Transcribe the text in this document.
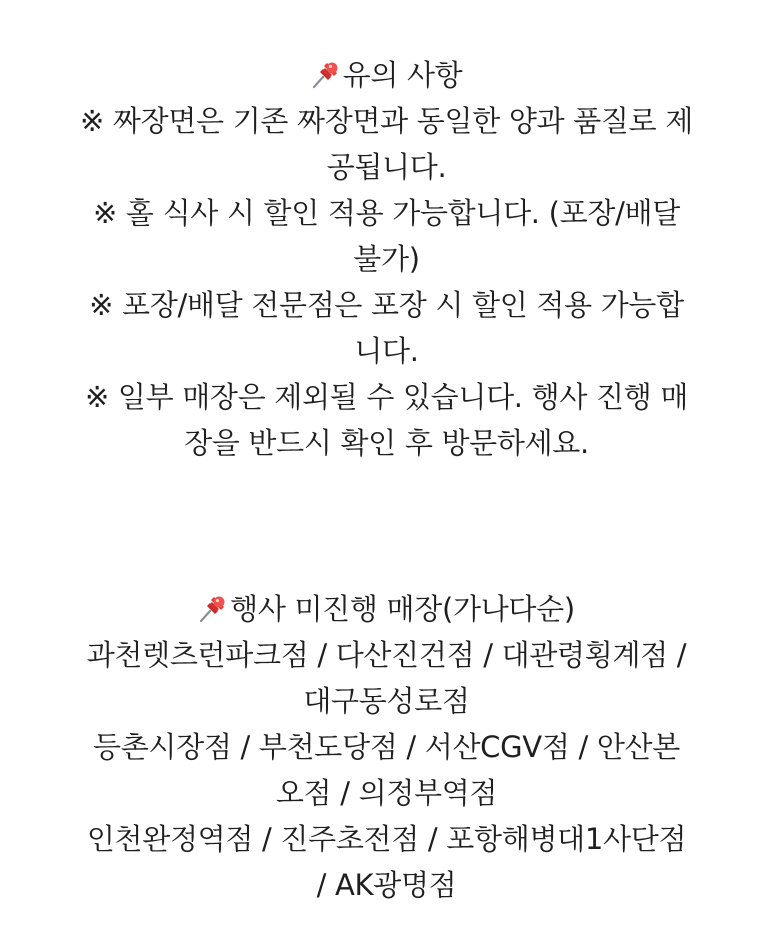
유의 사항
※ 짜장면은 기존 짜장면과 동일한 양과 품질로 제
공됩니다.
※ 홀 식사 시 할인 적용 가능합니다. (포장/배달
불가)
※ 포장/배달 전문점은 포장 시 할인 적용 가능합
니다.
※ 일부 매장은 제외될 수 있습니다. 행사 진행 매
장을 반드시 확인 후 방문하세요.
행사 미진행 매장(가나다순)
과천렛츠런파크점 / 다산진건점 / 대관령횡계점 /
대구동성로점
등촌시장점 / 부천도당점 / 서산CGV점 / 안산본
오점 / 의정부역점
인천완정역점 / 진주초전점 / 포항해병대1사단점
/ AK광명점
